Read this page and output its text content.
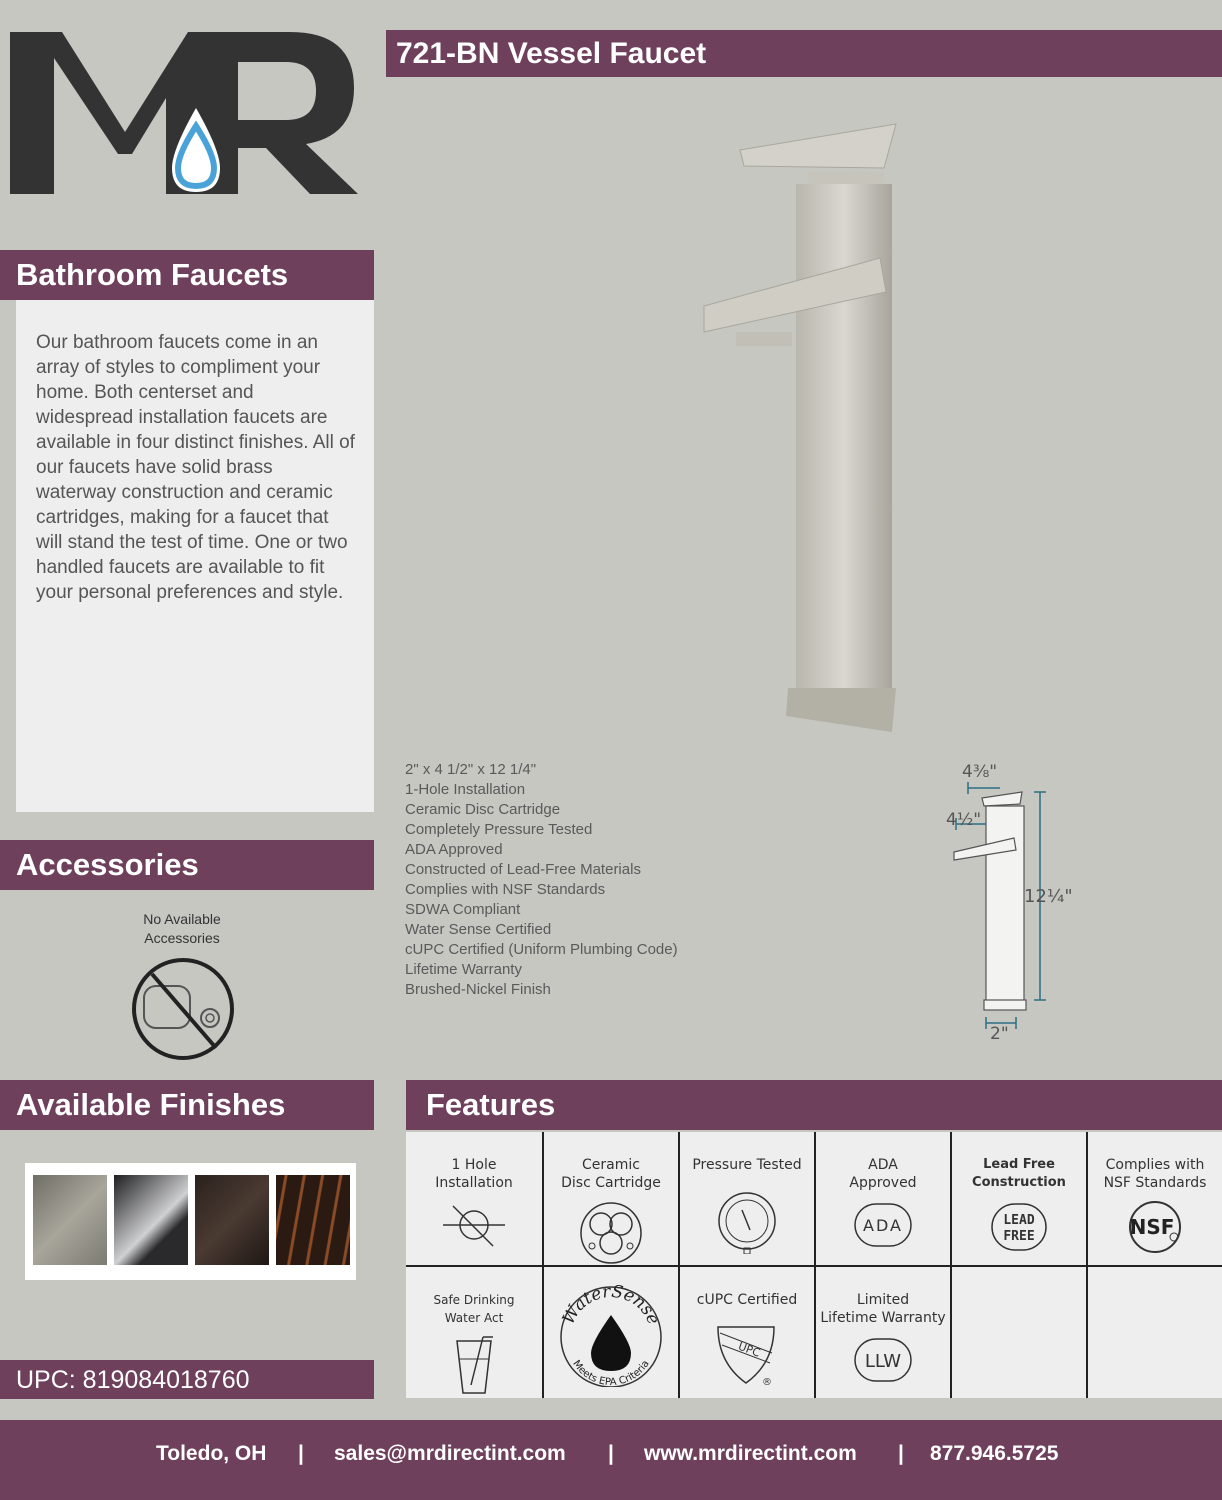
721-BN Vessel Faucet
Bathroom Faucets
Our bathroom faucets come in an array of styles to compliment your home. Both centerset and widespread installation faucets are available in four distinct finishes. All of our faucets have solid brass waterway construction and ceramic cartridges, making for a faucet that will stand the test of time. One or two handled faucets are available to fit your personal preferences and style.
2" x 4 1/2" x 12 1/4"
1-Hole Installation
Ceramic Disc Cartridge
Completely Pressure Tested
ADA Approved
Constructed of Lead-Free Materials
Complies with NSF Standards
SDWA Compliant
Water Sense Certified
cUPC Certified (Uniform Plumbing Code)
Lifetime Warranty
Brushed-Nickel Finish
4⅜"
4½"
12¼"
2"
Accessories
No Available
Accessories
Available Finishes
UPC: 819084018760
Features
1 Hole
Installation
Ceramic
Disc Cartridge
Pressure Tested	ADA
Approved
ADA
Lead Free
Construction
LEAD
FREE
Complies with
NSF Standards
NSF
Safe Drinking
Water Act	WaterSense
Meets EPA Criteria
cUPC Certified
UPC
®
Limited
Lifetime Warranty
LLW
Toledo, OH | sales@mrdirectint.com | www.mrdirectint.com | 877.946.5725
